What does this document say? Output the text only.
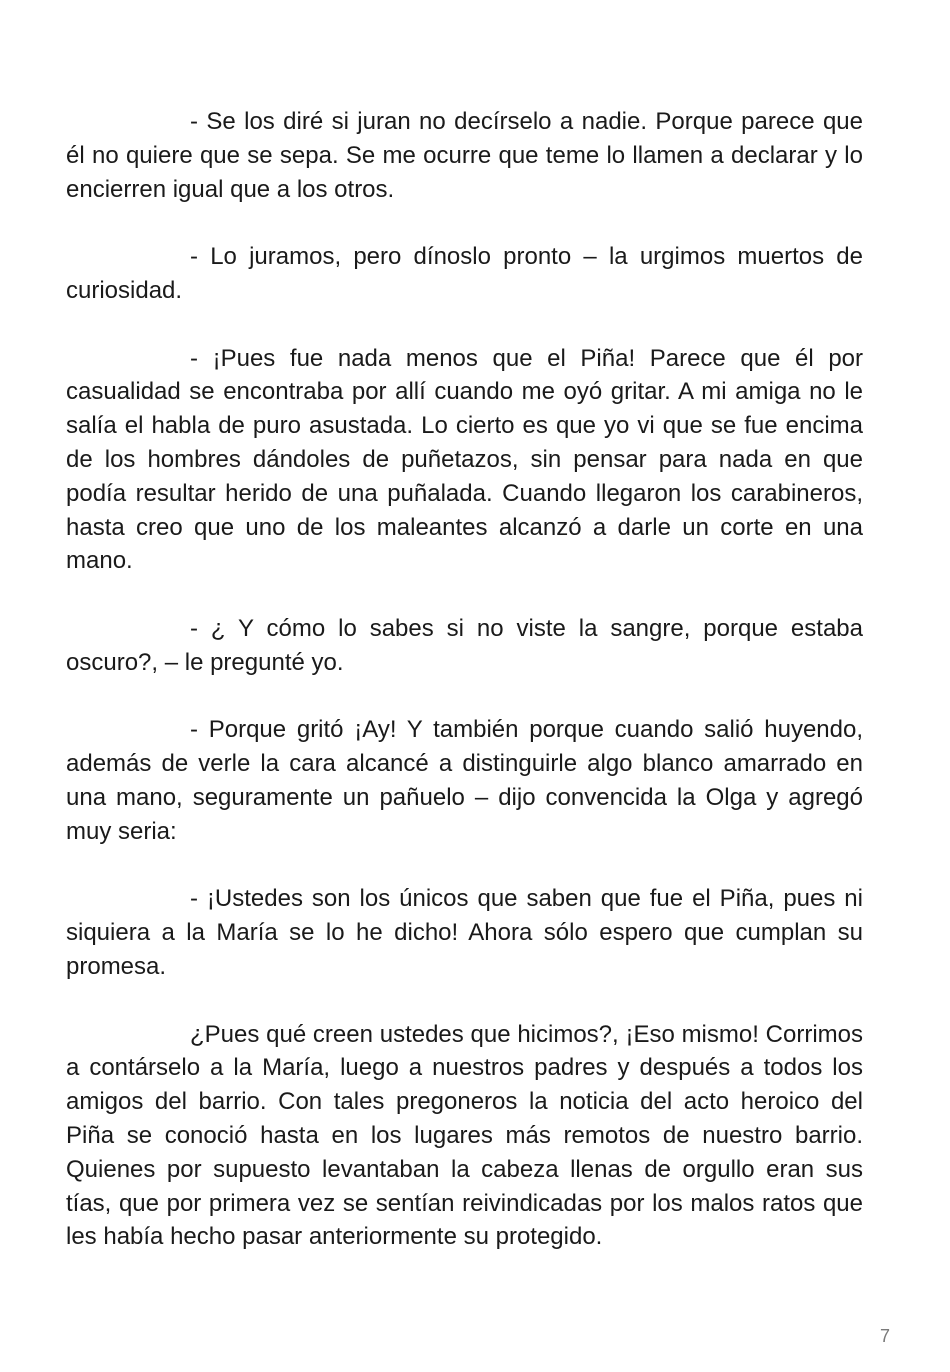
- Se los diré si juran no decírselo a nadie. Porque parece que él no quiere que se sepa. Se me ocurre que teme lo llamen a declarar y lo encierren igual que a los otros.

- Lo juramos, pero dínoslo pronto – la urgimos muertos de curiosidad.

- ¡Pues fue nada menos que el Piña! Parece que él por casualidad se encontraba por allí cuando me oyó gritar. A mi amiga no le salía el habla de puro asustada. Lo cierto es que yo vi que se fue encima de los hombres dándoles de puñetazos, sin pensar para nada en que podía resultar herido de una puñalada. Cuando llegaron los carabineros, hasta creo que uno de los maleantes alcanzó a darle un corte en una mano.

- ¿ Y cómo lo sabes si no viste la sangre, porque estaba oscuro?, – le pregunté yo.

- Porque gritó ¡Ay! Y también porque cuando salió huyendo, además de verle la cara alcancé a distinguirle algo blanco amarrado en una mano, seguramente un pañuelo – dijo convencida la Olga y agregó muy seria:

- ¡Ustedes son los únicos que saben que fue el Piña, pues ni siquiera a la María se lo he dicho! Ahora sólo espero que cumplan su promesa.

¿Pues qué creen ustedes que hicimos?, ¡Eso mismo! Corrimos a contárselo a la María, luego a nuestros padres y después a todos los amigos del barrio. Con tales pregoneros la noticia del acto heroico del Piña se conoció hasta en los lugares más remotos de nuestro barrio. Quienes por supuesto levantaban la cabeza llenas de orgullo eran sus tías, que por primera vez se sentían reivindicadas por los malos ratos que les había hecho pasar anteriormente su protegido.

7
